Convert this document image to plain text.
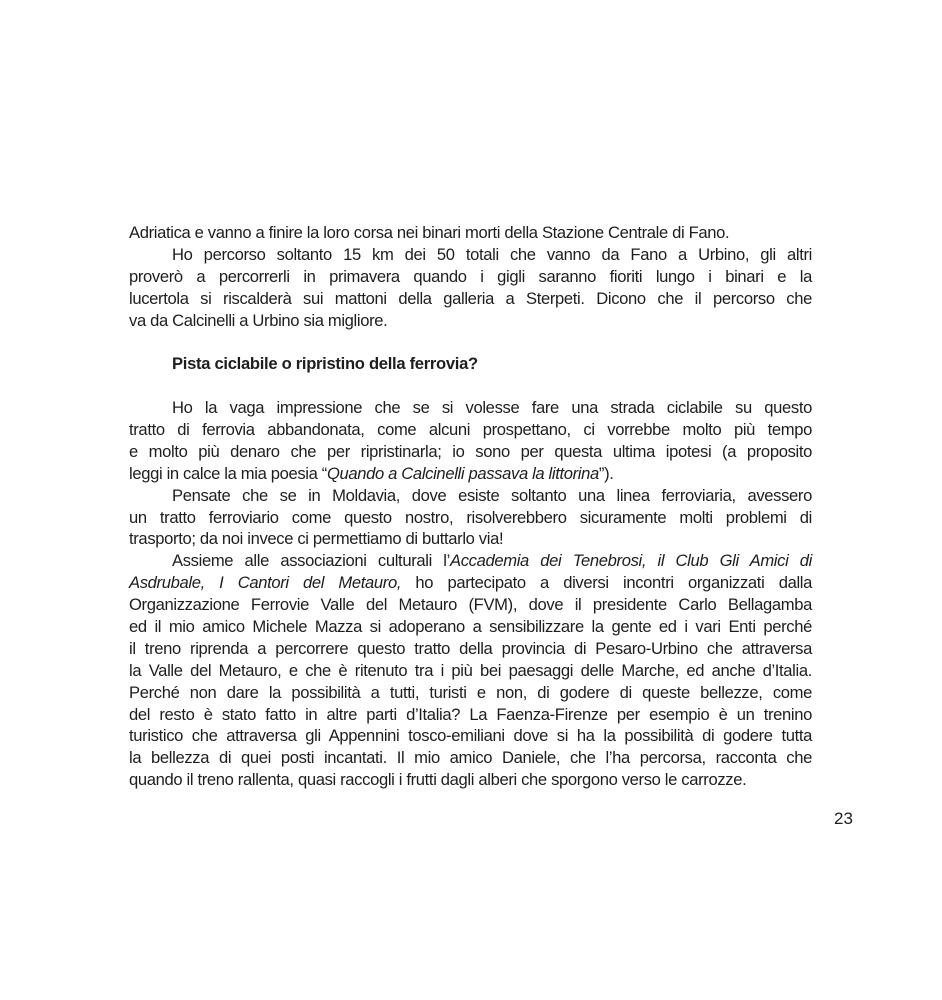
Adriatica e vanno a finire la loro corsa nei binari morti della Stazione Centrale di Fano.
Ho percorso soltanto 15 km dei 50 totali che vanno da Fano a Urbino, gli altri
proverò a percorrerli in primavera quando i gigli saranno fioriti lungo i binari e la
lucertola si riscalderà sui mattoni della galleria a Sterpeti. Dicono che il percorso che
va da Calcinelli a Urbino sia migliore.
Pista ciclabile o ripristino della ferrovia?
Ho la vaga impressione che se si volesse fare una strada ciclabile su questo
tratto di ferrovia abbandonata, come alcuni prospettano, ci vorrebbe molto più tempo
e molto più denaro che per ripristinarla; io sono per questa ultima ipotesi (a proposito
leggi in calce la mia poesia “Quando a Calcinelli passava la littorina”).
Pensate che se in Moldavia, dove esiste soltanto una linea ferroviaria, avessero
un tratto ferroviario come questo nostro, risolverebbero sicuramente molti problemi di
trasporto; da noi invece ci permettiamo di buttarlo via!
Assieme alle associazioni culturali l’Accademia dei Tenebrosi, il Club Gli Amici di
Asdrubale, I Cantori del Metauro, ho partecipato a diversi incontri organizzati dalla
Organizzazione Ferrovie Valle del Metauro (FVM), dove il presidente Carlo Bellagamba
ed il mio amico Michele Mazza si adoperano a sensibilizzare la gente ed i vari Enti perché
il treno riprenda a percorrere questo tratto della provincia di Pesaro-Urbino che attraversa
la Valle del Metauro, e che è ritenuto tra i più bei paesaggi delle Marche, ed anche d’Italia.
Perché non dare la possibilità a tutti, turisti e non, di godere di queste bellezze, come
del resto è stato fatto in altre parti d’Italia? La Faenza-Firenze per esempio è un trenino
turistico che attraversa gli Appennini tosco-emiliani dove si ha la possibilità di godere tutta
la bellezza di quei posti incantati. Il mio amico Daniele, che l’ha percorsa, racconta che
quando il treno rallenta, quasi raccogli i frutti dagli alberi che sporgono verso le carrozze.
23
